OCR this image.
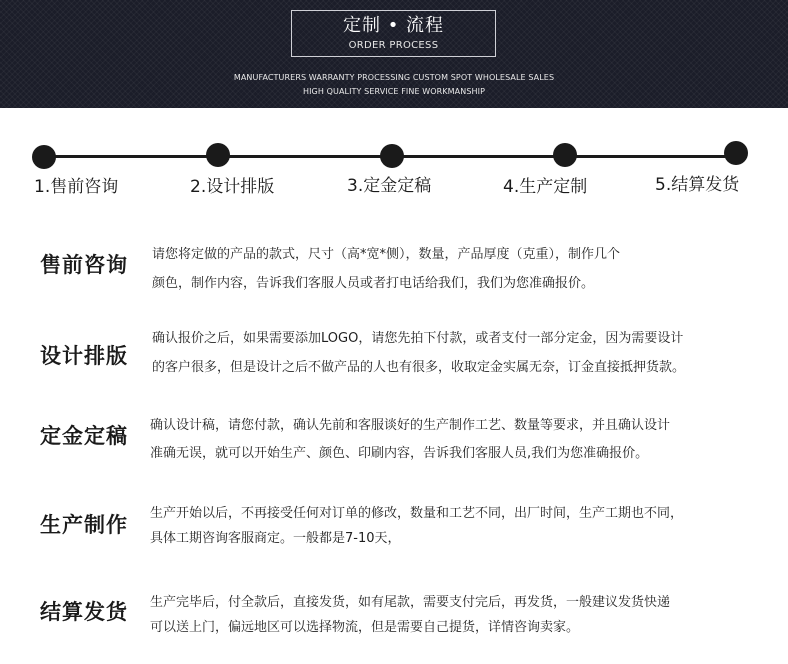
定制 • 流程
ORDER PROCESS
MANUFACTURERS WARRANTY PROCESSING CUSTOM SPOT WHOLESALE SALES
HIGH QUALITY SERVICE FINE WORKMANSHIP
1.售前咨询	2.设计排版	3.定金定稿	4.生产定制	5.结算发货
售前咨询 请您将定做的产品的款式，尺寸（高*宽*侧），数量，产品厚度（克重），制作几个
颜色，制作内容，告诉我们客服人员或者打电话给我们，我们为您准确报价。
设计排版
确认报价之后，如果需要添加LOGO，请您先拍下付款，或者支付一部分定金，因为需要设计
的客户很多，但是设计之后不做产品的人也有很多，收取定金实属无奈，订金直接抵押货款。
定金定稿 确认设计稿，请您付款，确认先前和客服谈好的生产制作工艺、数量等要求，并且确认设计
准确无误，就可以开始生产、颜色、印刷内容，告诉我们客服人员,我们为您准确报价。
生产制作 生产开始以后，不再接受任何对订单的修改，数量和工艺不同，出厂时间，生产工期也不同，
具体工期咨询客服商定。一般都是7-10天，
结算发货 生产完毕后，付全款后，直接发货，如有尾款，需要支付完后，再发货，一般建议发货快递
可以送上门，偏远地区可以选择物流，但是需要自己提货，详情咨询卖家。
